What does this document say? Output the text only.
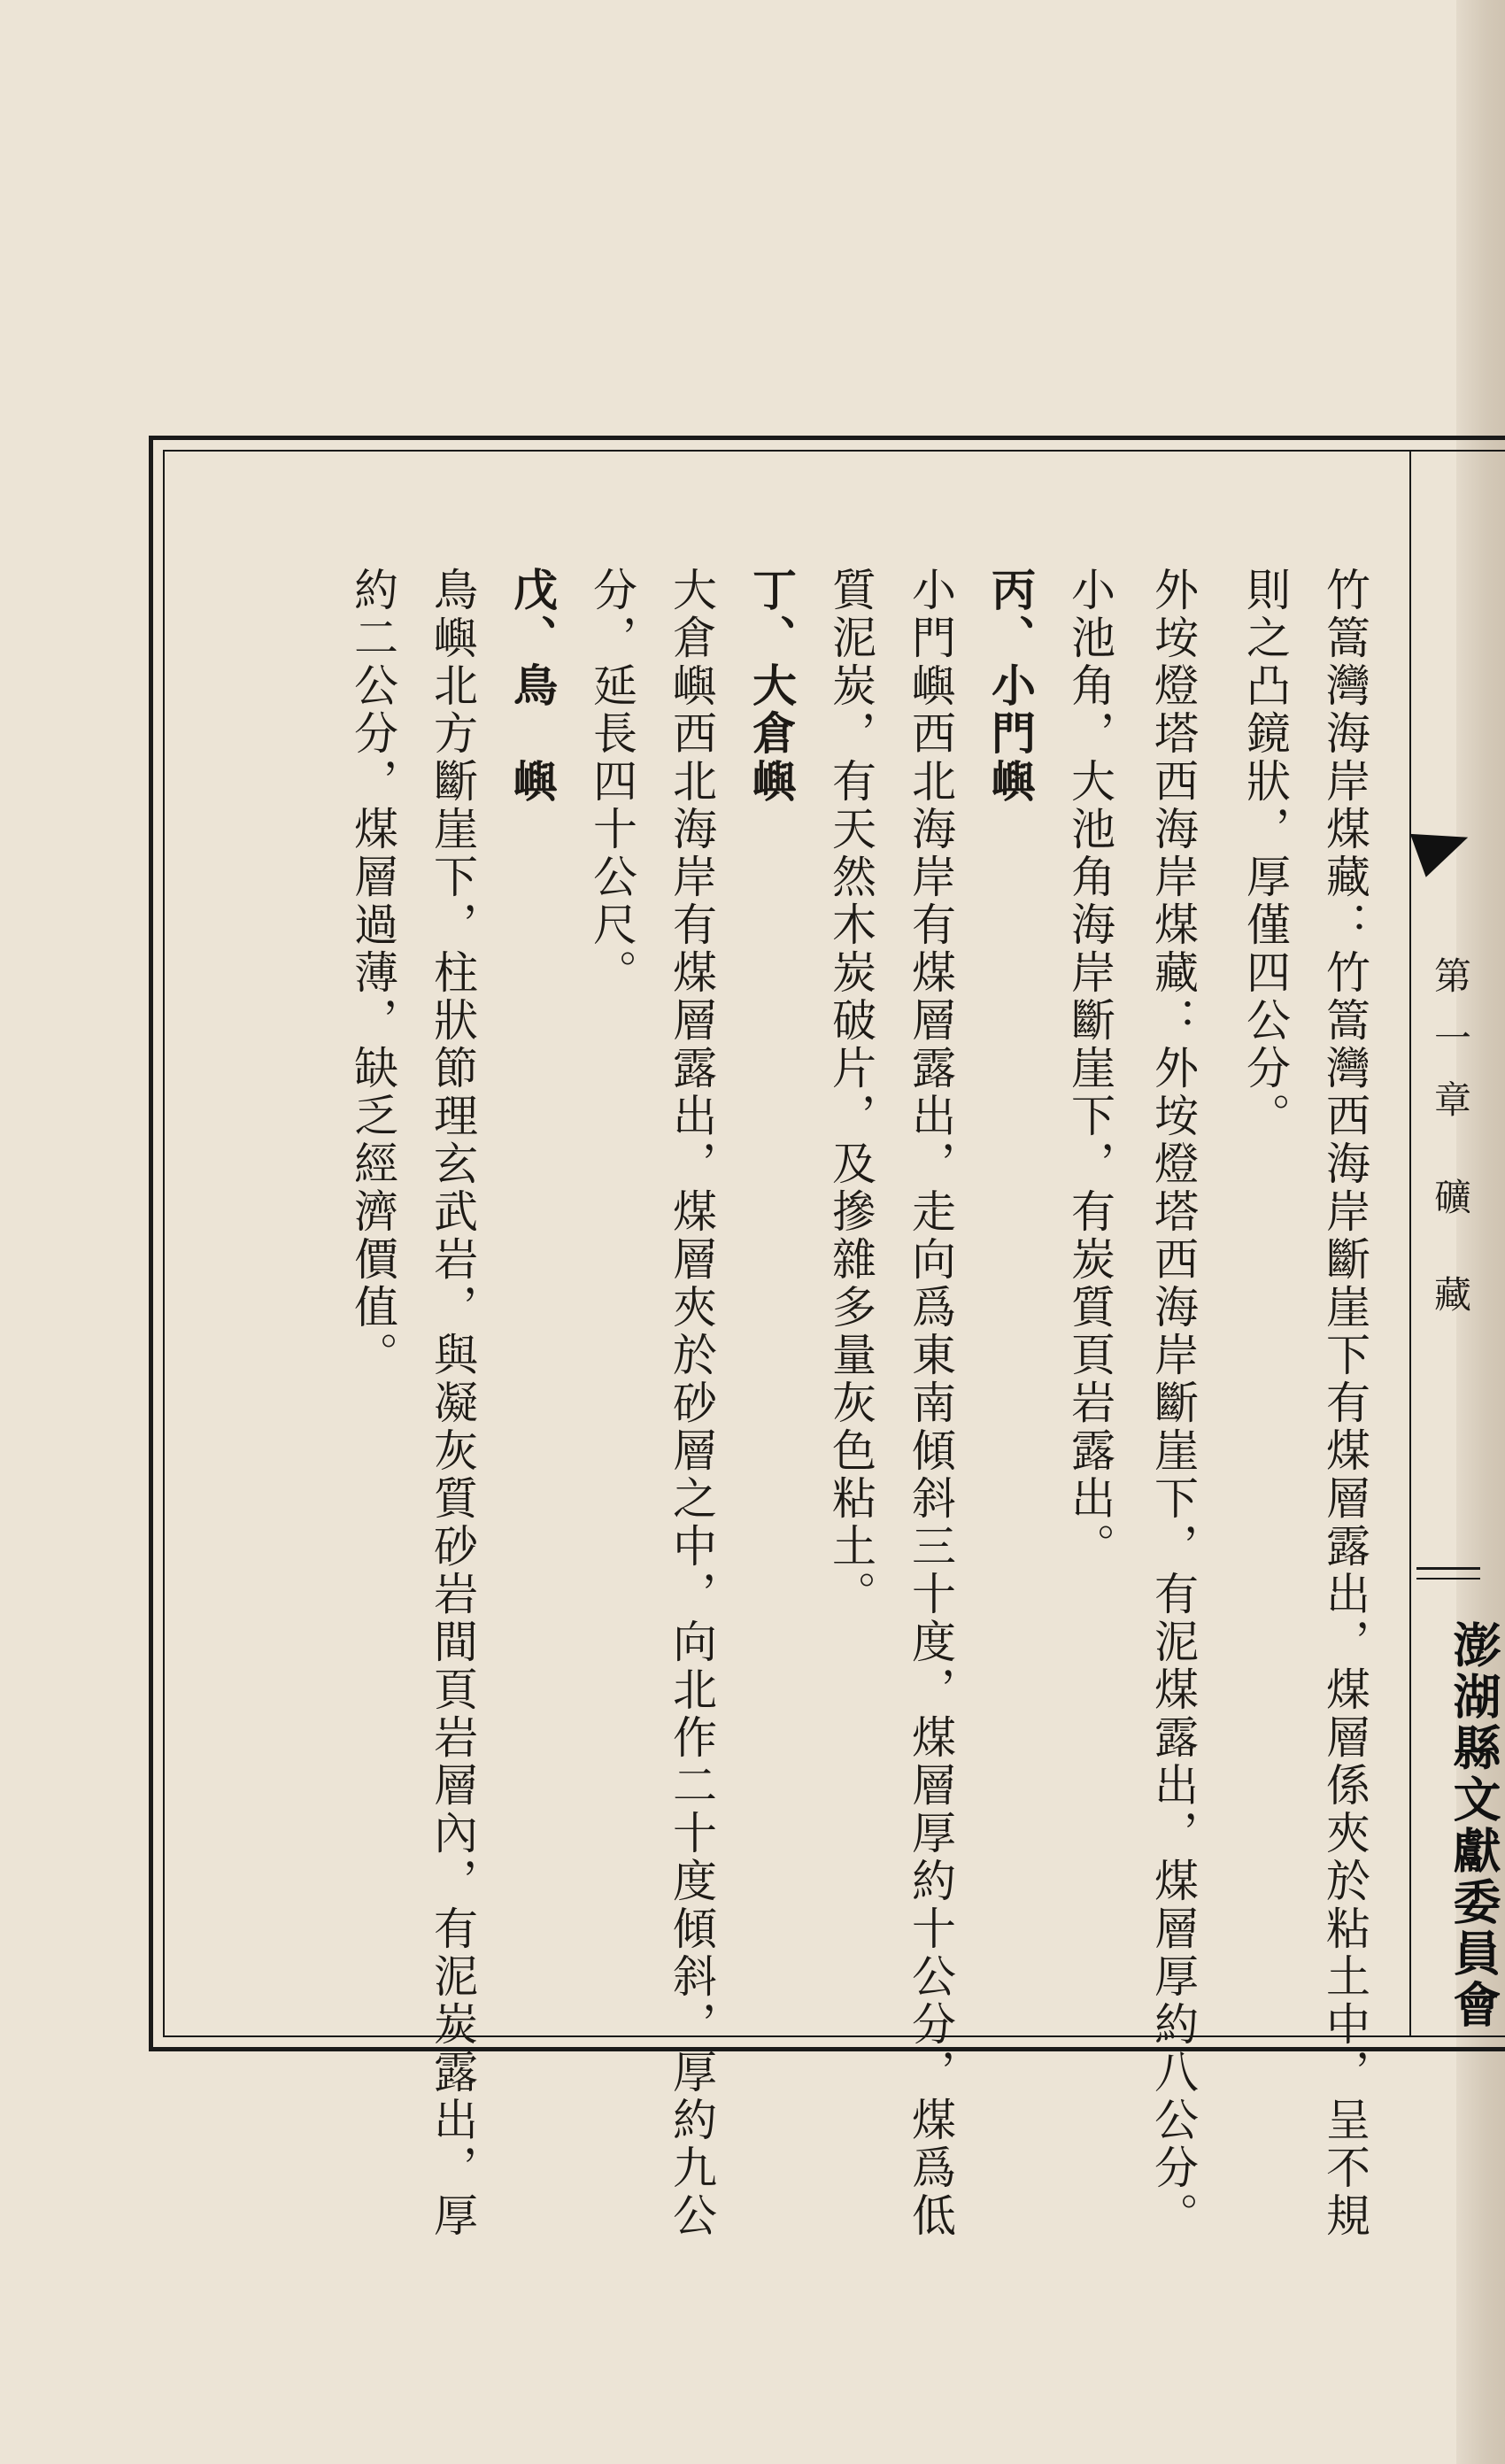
第一章礦藏
澎湖縣文獻委員會
竹篙灣海岸煤藏：竹篙灣西海岸斷崖下有煤層露出，煤層係夾於粘土中，呈不規
則之凸鏡狀，厚僅四公分。
外垵燈塔西海岸煤藏：外垵燈塔西海岸斷崖下，有泥煤露出，煤層厚約八公分。
小池角，大池角海岸斷崖下，有炭質頁岩露出。
丙、小門嶼
小門嶼西北海岸有煤層露出，走向爲東南傾斜三十度，煤層厚約十公分，煤爲低
質泥炭，有天然木炭破片，及摻雜多量灰色粘土。
丁、大倉嶼
大倉嶼西北海岸有煤層露出，煤層夾於砂層之中，向北作二十度傾斜，厚約九公
分，延長四十公尺。
戊、鳥　嶼
鳥嶼北方斷崖下，柱狀節理玄武岩，與凝灰質砂岩間頁岩層內，有泥炭露出，厚
約二公分，煤層過薄，缺乏經濟價值。
